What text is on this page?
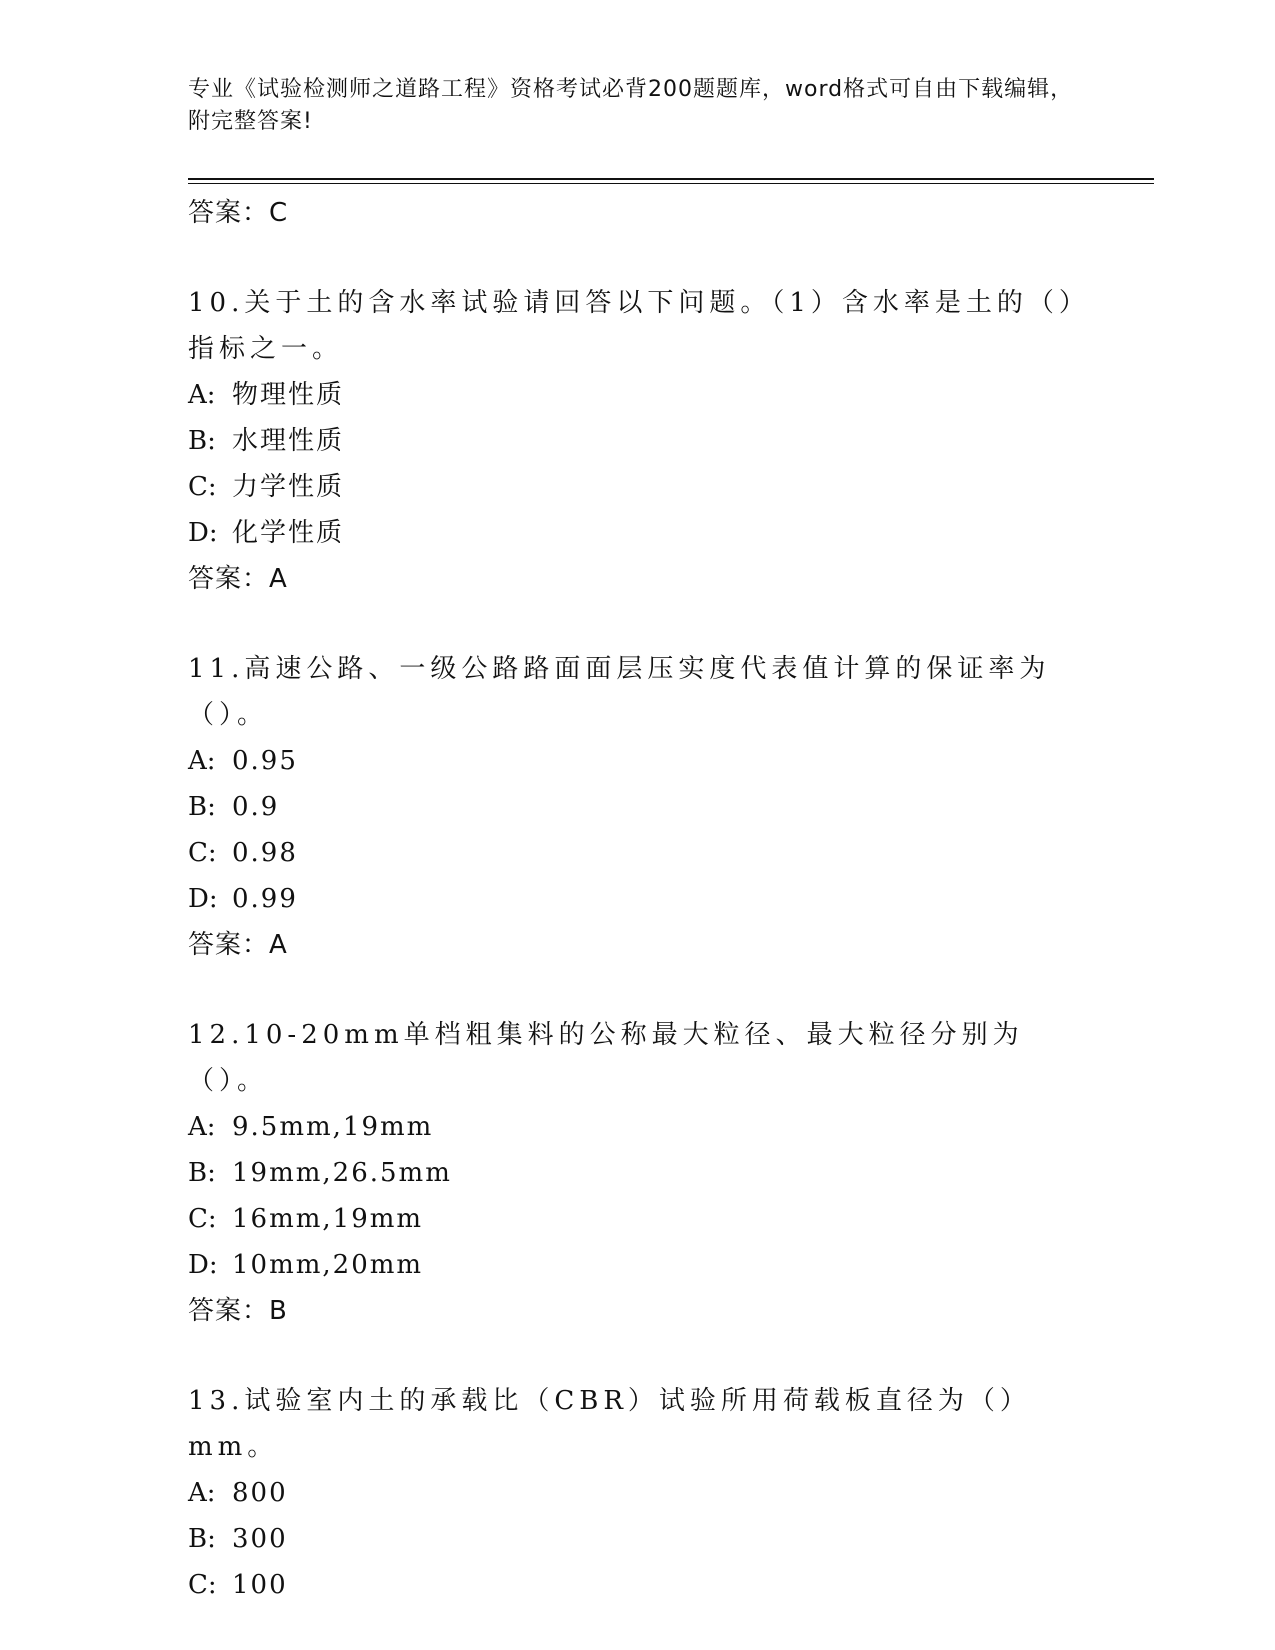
专业《试验检测师之道路工程》资格考试必背200题题库，word格式可自由下载编辑，附完整答案!
答案：C

10.关于土的含水率试验请回答以下问题。（1）含水率是土的（）指标之一。

A: 物理性质
B: 水理性质
C: 力学性质
D: 化学性质
答案：A

11.高速公路、一级公路路面面层压实度代表值计算的保证率为（）。

A: 0.95
B: 0.9
C: 0.98
D: 0.99
答案：A

12.10-20mm单档粗集料的公称最大粒径、最大粒径分别为（）。

A: 9.5mm,19mm
B: 19mm,26.5mm
C: 16mm,19mm
D: 10mm,20mm
答案：B

13.试验室内土的承载比（CBR）试验所用荷载板直径为（）mm。

A: 800
B: 300
C: 100
